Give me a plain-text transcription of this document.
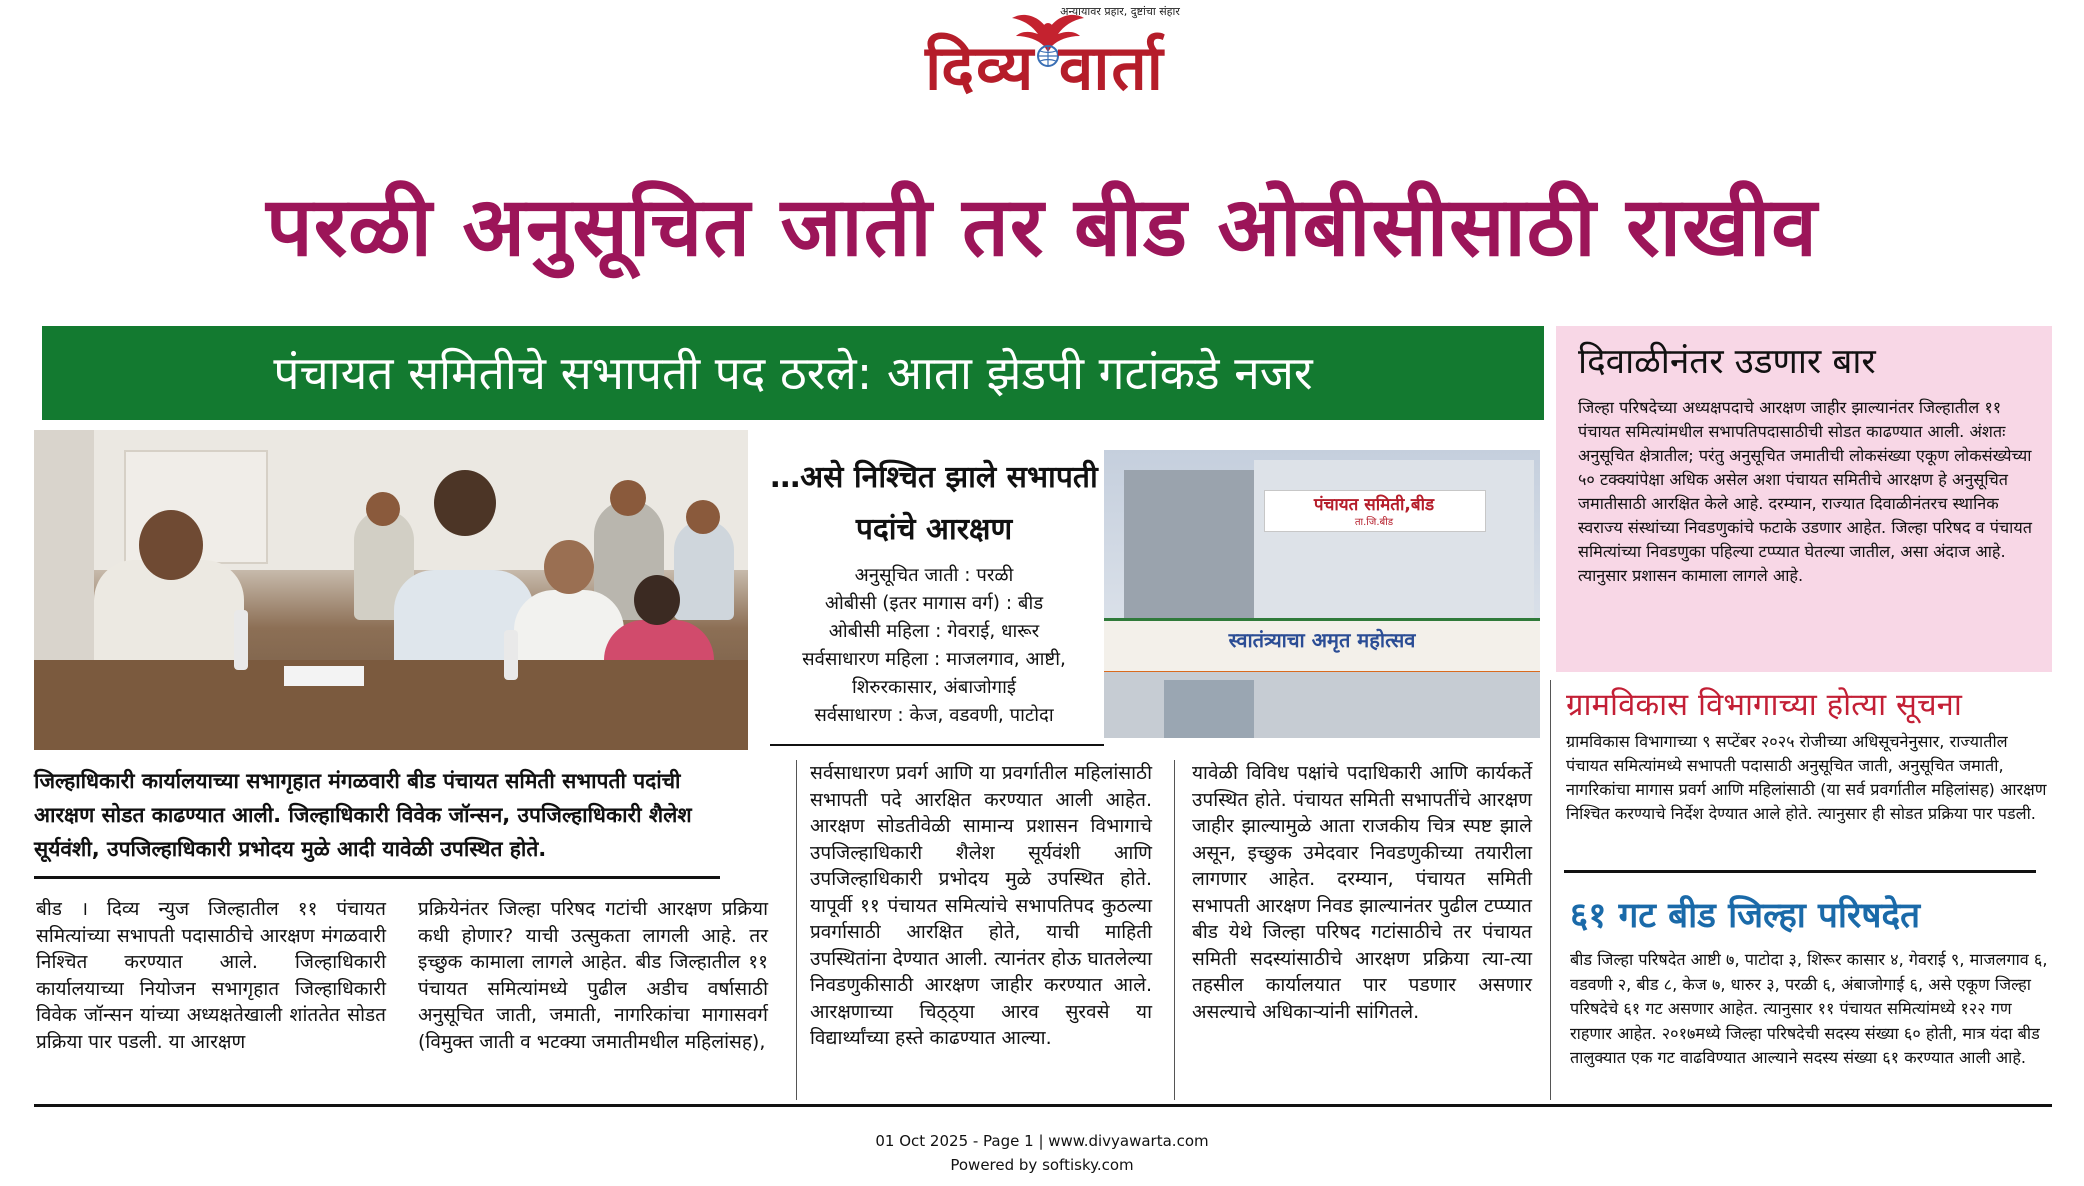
अन्यायावर प्रहार, दुष्टांचा संहार
दिव्य वार्ता
परळी अनुसूचित जाती तर बीड ओबीसीसाठी राखीव
पंचायत समितीचे सभापती पद ठरले: आता झेडपी गटांकडे नजर
जिल्हाधिकारी कार्यालयाच्या सभागृहात मंगळवारी बीड पंचायत समिती सभापती पदांची आरक्षण सोडत काढण्यात आली. जिल्हाधिकारी विवेक जॉन्सन, उपजिल्हाधिकारी शैलेश सूर्यवंशी, उपजिल्हाधिकारी प्रभोदय मुळे आदी यावेळी उपस्थित होते.
…असे निश्चित झाले सभापती पदांचे आरक्षण
अनुसूचित जाती : परळी
ओबीसी (इतर मागास वर्ग) : बीड
ओबीसी महिला : गेवराई, धारूर
सर्वसाधारण महिला : माजलगाव, आष्टी, शिरुरकासार, अंबाजोगाई
सर्वसाधारण : केज, वडवणी, पाटोदा
पंचायत समिती,बीड
ता.जि.बीड
स्वातंत्र्याचा अमृत महोत्सव
दिवाळीनंतर उडणार बार
जिल्हा परिषदेच्या अध्यक्षपदाचे आरक्षण जाहीर झाल्यानंतर जिल्हातील ११ पंचायत समित्यांमधील सभापतिपदासाठीची सोडत काढण्यात आली. अंशतः अनुसूचित क्षेत्रातील; परंतु अनुसूचित जमातीची लोकसंख्या एकूण लोकसंख्येच्या ५० टक्क्यांपेक्षा अधिक असेल अशा पंचायत समितीचे आरक्षण हे अनुसूचित जमातीसाठी आरक्षित केले आहे. दरम्यान, राज्यात दिवाळीनंतरच स्थानिक स्वराज्य संस्थांच्या निवडणुकांचे फटाके उडणार आहेत. जिल्हा परिषद व पंचायत समित्यांच्या निवडणुका पहिल्या टप्प्यात घेतल्या जातील, असा अंदाज आहे. त्यानुसार प्रशासन कामाला लागले आहे.
ग्रामविकास विभागाच्या होत्या सूचना
ग्रामविकास विभागाच्या ९ सप्टेंबर २०२५ रोजीच्या अधिसूचनेनुसार, राज्यातील पंचायत समित्यांमध्ये सभापती पदासाठी अनुसूचित जाती, अनुसूचित जमाती, नागरिकांचा मागास प्रवर्ग आणि महिलांसाठी (या सर्व प्रवर्गातील महिलांसह) आरक्षण निश्चित करण्याचे निर्देश देण्यात आले होते. त्यानुसार ही सोडत प्रक्रिया पार पडली.
६१ गट बीड जिल्हा परिषदेत
बीड जिल्हा परिषदेत आष्टी ७, पाटोदा ३, शिरूर कासार ४, गेवराई ९, माजलगाव ६, वडवणी २, बीड ८, केज ७, धारुर ३, परळी ६, अंबाजोगाई ६, असे एकूण जिल्हा परिषदेचे ६१ गट असणार आहेत. त्यानुसार ११ पंचायत समित्यांमध्ये १२२ गण राहणार आहेत. २०१७मध्ये जिल्हा परिषदेची सदस्य संख्या ६० होती, मात्र यंदा बीड तालुक्यात एक गट वाढविण्यात आल्याने सदस्य संख्या ६१ करण्यात आली आहे.
बीड । दिव्य न्युज जिल्हातील ११ पंचायत समित्यांच्या सभापती पदासाठीचे आरक्षण मंगळवारी निश्चित करण्यात आले. जिल्हाधिकारी कार्यालयाच्या नियोजन सभागृहात जिल्हाधिकारी विवेक जॉन्सन यांच्या अध्यक्षतेखाली शांततेत सोडत प्रक्रिया पार पडली. या आरक्षण
प्रक्रियेनंतर जिल्हा परिषद गटांची आरक्षण प्रक्रिया कधी होणार? याची उत्सुकता लागली आहे. तर इच्छुक कामाला लागले आहेत. बीड जिल्हातील ११ पंचायत समित्यांमध्ये पुढील अडीच वर्षासाठी अनुसूचित जाती, जमाती, नागरिकांचा मागासवर्ग (विमुक्त जाती व भटक्या जमातीमधील महिलांसह),
सर्वसाधारण प्रवर्ग आणि या प्रवर्गातील महिलांसाठी सभापती पदे आरक्षित करण्यात आली आहेत. आरक्षण सोडतीवेळी सामान्य प्रशासन विभागाचे उपजिल्हाधिकारी शैलेश सूर्यवंशी आणि उपजिल्हाधिकारी प्रभोदय मुळे उपस्थित होते. यापूर्वी ११ पंचायत समित्यांचे सभापतिपद कुठल्या प्रवर्गासाठी आरक्षित होते, याची माहिती उपस्थितांना देण्यात आली. त्यानंतर होऊ घातलेल्या निवडणुकीसाठी आरक्षण जाहीर करण्यात आले. आरक्षणाच्या चिठ्ठ्या आरव सुरवसे या विद्यार्थ्यांच्या हस्ते काढण्यात आल्या.
यावेळी विविध पक्षांचे पदाधिकारी आणि कार्यकर्ते उपस्थित होते. पंचायत समिती सभापतींचे आरक्षण जाहीर झाल्यामुळे आता राजकीय चित्र स्पष्ट झाले असून, इच्छुक उमेदवार निवडणुकीच्या तयारीला लागणार आहेत. दरम्यान, पंचायत समिती सभापती आरक्षण निवड झाल्यानंतर पुढील टप्प्यात बीड येथे जिल्हा परिषद गटांसाठीचे तर पंचायत समिती सदस्यांसाठीचे आरक्षण प्रक्रिया त्या-त्या तहसील कार्यालयात पार पडणार असणार असल्याचे अधिकाऱ्यांनी सांगितले.
01 Oct 2025 - Page 1 | www.divyawarta.com
Powered by softisky.com
